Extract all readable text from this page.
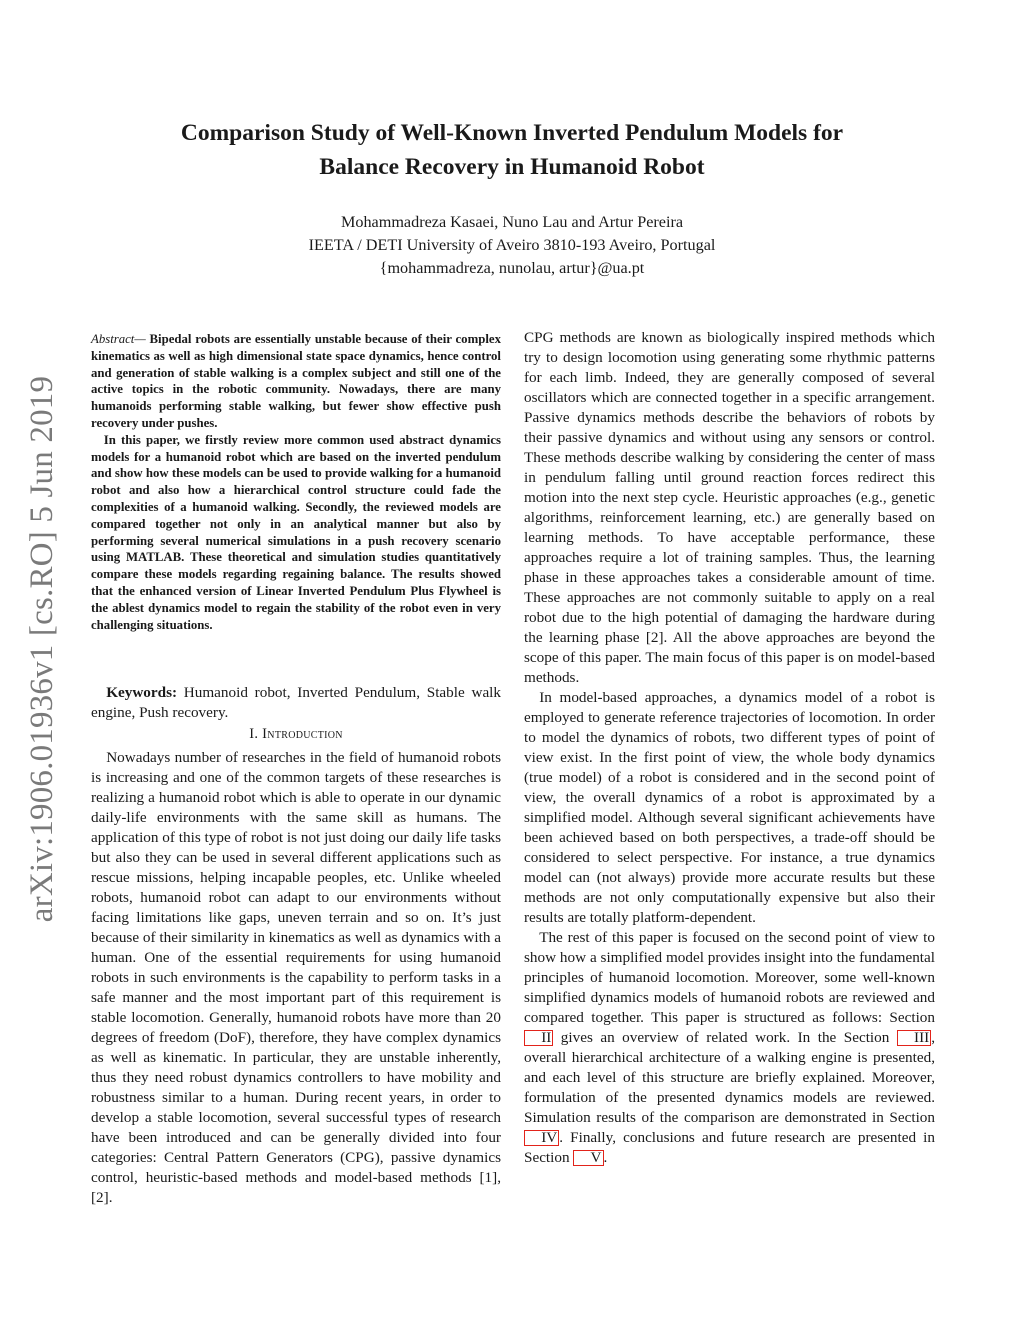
Comparison Study of Well-Known Inverted Pendulum Models for
Balance Recovery in Humanoid Robot
Mohammadreza Kasaei, Nuno Lau and Artur Pereira
IEETA / DETI University of Aveiro 3810-193 Aveiro, Portugal
{mohammadreza, nunolau, artur}@ua.pt
arXiv:1906.01936v1 [cs.RO] 5 Jun 2019

Abstract— Bipedal robots are essentially unstable because of their complex kinematics as well as high dimensional state space dynamics, hence control and generation of stable walking is a complex subject and still one of the active topics in the robotic community. Nowadays, there are many humanoids performing stable walking, but fewer show effective push recovery under pushes.

In this paper, we firstly review more common used abstract dynamics models for a humanoid robot which are based on the inverted pendulum and show how these models can be used to provide walking for a humanoid robot and also how a hierarchical control structure could fade the complexities of a humanoid walking. Secondly, the reviewed models are compared together not only in an analytical manner but also by performing several numerical simulations in a push recovery scenario using MATLAB. These theoretical and simulation studies quantitatively compare these models regarding regaining balance. The results showed that the enhanced version of Linear Inverted Pendulum Plus Flywheel is the ablest dynamics model to regain the stability of the robot even in very challenging situations.

Keywords: Humanoid robot, Inverted Pendulum, Stable walk engine, Push recovery.
I. Introduction

Nowadays number of researches in the field of humanoid robots is increasing and one of the common targets of these researches is realizing a humanoid robot which is able to operate in our dynamic daily-life environments with the same skill as humans. The application of this type of robot is not just doing our daily life tasks but also they can be used in several different applications such as rescue missions, helping incapable peoples, etc. Unlike wheeled robots, humanoid robot can adapt to our environments without facing limitations like gaps, uneven terrain and so on. It’s just because of their similarity in kinematics as well as dynamics with a human. One of the essential requirements for using humanoid robots in such environments is the capability to perform tasks in a safe manner and the most important part of this requirement is stable locomotion. Generally, humanoid robots have more than 20 degrees of freedom (DoF), therefore, they have complex dynamics as well as kinematic. In particular, they are unstable inherently, thus they need robust dynamics controllers to have mobility and robustness similar to a human. During recent years, in order to develop a stable locomotion, several successful types of research have been introduced and can be generally divided into four categories: Central Pattern Generators (CPG), passive dynamics control, heuristic-based methods and model-based methods [1], [2].

CPG methods are known as biologically inspired methods which try to design locomotion using generating some rhythmic patterns for each limb. Indeed, they are generally composed of several oscillators which are connected together in a specific arrangement. Passive dynamics methods describe the behaviors of robots by their passive dynamics and without using any sensors or control. These methods describe walking by considering the center of mass in pendulum falling until ground reaction forces redirect this motion into the next step cycle. Heuristic approaches (e.g., genetic algorithms, reinforcement learning, etc.) are generally based on learning methods. To have acceptable performance, these approaches require a lot of training samples. Thus, the learning phase in these approaches takes a considerable amount of time. These approaches are not commonly suitable to apply on a real robot due to the high potential of damaging the hardware during the learning phase [2]. All the above approaches are beyond the scope of this paper. The main focus of this paper is on model-based methods.

In model-based approaches, a dynamics model of a robot is employed to generate reference trajectories of locomotion. In order to model the dynamics of robots, two different types of point of view exist. In the first point of view, the whole body dynamics (true model) of a robot is considered and in the second point of view, the overall dynamics of a robot is approximated by a simplified model. Although several significant achievements have been achieved based on both perspectives, a trade-off should be considered to select perspective. For instance, a true dynamics model can (not always) provide more accurate results but these methods are not only computationally expensive but also their results are totally platform-dependent.

The rest of this paper is focused on the second point of view to show how a simplified model provides insight into the fundamental principles of humanoid locomotion. Moreover, some well-known simplified dynamics models of humanoid robots are reviewed and compared together. This paper is structured as follows: Section II gives an overview of related work. In the Section III , overall hierarchical architecture of a walking engine is presented, and each level of this structure are briefly explained. Moreover, formulation of the presented dynamics models are reviewed. Simulation results of the comparison are demonstrated in Section IV . Finally, conclusions and future research are presented in Section V .
